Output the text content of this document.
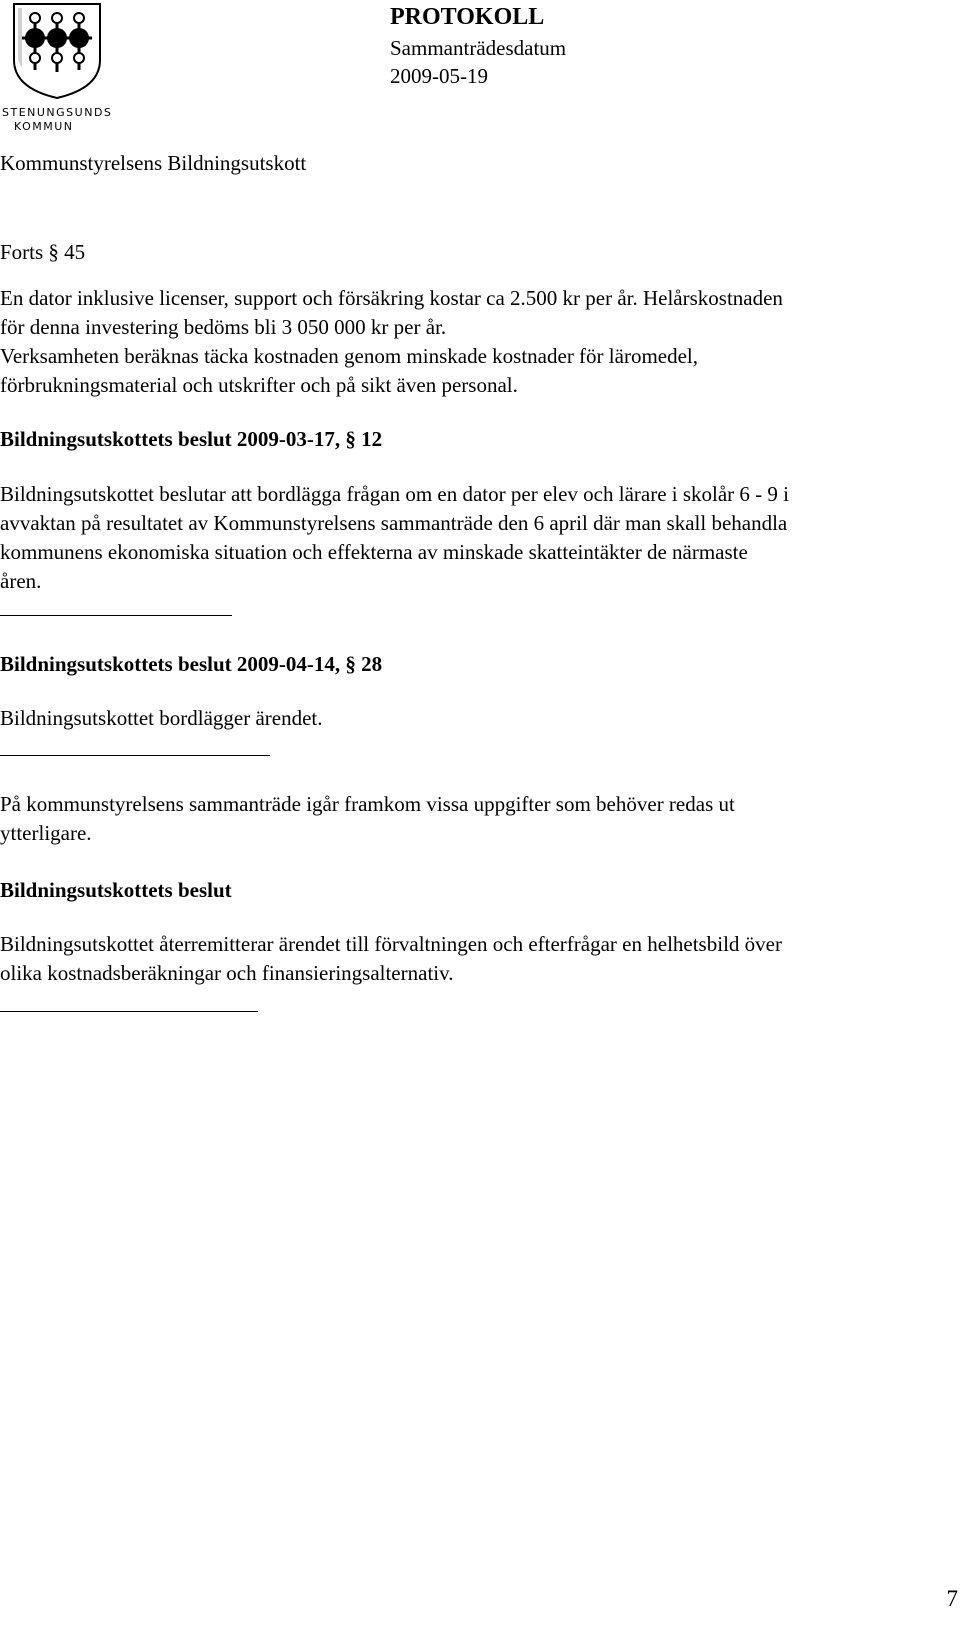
STENUNGSUNDS
KOMMUN
PROTOKOLL
Sammanträdesdatum
2009-05-19
Kommunstyrelsens Bildningsutskott
Forts § 45

En dator inklusive licenser, support och försäkring kostar ca 2.500 kr per år. Helårskostnaden

för denna investering bedöms bli 3 050 000 kr per år.

Verksamheten beräknas täcka kostnaden genom minskade kostnader för läromedel,

förbrukningsmaterial och utskrifter och på sikt även personal.

Bildningsutskottets beslut 2009-03-17, § 12

Bildningsutskottet beslutar att bordlägga frågan om en dator per elev och lärare i skolår 6 - 9 i

avvaktan på resultatet av Kommunstyrelsens sammanträde den 6 april där man skall behandla

kommunens ekonomiska situation och effekterna av minskade skatteintäkter de närmaste

åren.

Bildningsutskottets beslut 2009-04-14, § 28
Bildningsutskottet bordlägger ärendet.

På kommunstyrelsens sammanträde igår framkom vissa uppgifter som behöver redas ut

ytterligare.

Bildningsutskottets beslut

Bildningsutskottet återremitterar ärendet till förvaltningen och efterfrågar en helhetsbild över

olika kostnadsberäkningar och finansieringsalternativ.

7
